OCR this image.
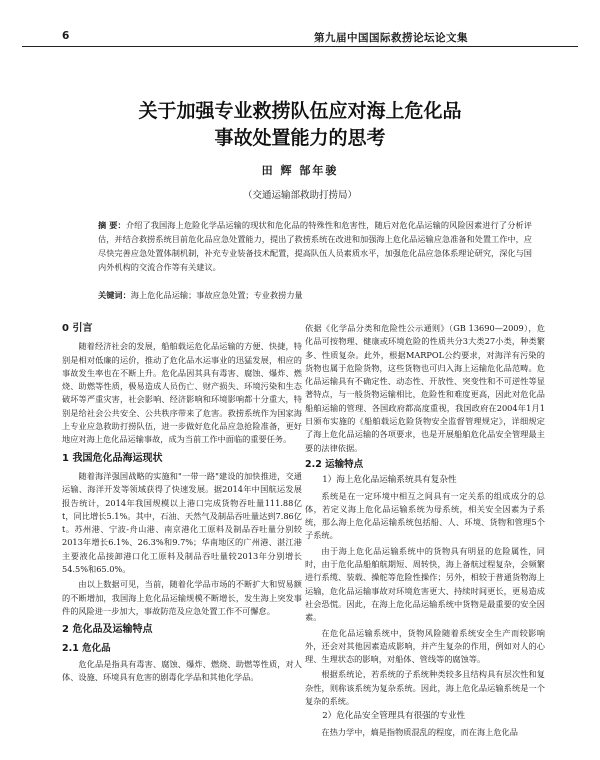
6	第九届中国国际救捞论坛论文集
关于加强专业救捞队伍应对海上危化品
事故处置能力的思考
田 辉 郜年骏
（交通运输部救助打捞局）
摘 要：介绍了我国海上危险化学品运输的现状和危化品的特殊性和危害性，随后对危化品运输的风险因素进行了分析评估，并结合救捞系统目前危化品应急处置能力，提出了救捞系统在改进和加强海上危化品运输应急准备和处置工作中，应尽快完善应急处置体制机制，补充专业装备技术配置，提高队伍人员素质水平，加强危化品应急体系理论研究，深化与国内外机构的交流合作等有关建议。
关键词：海上危化品运输；事故应急处置；专业救捞力量
0 引言

随着经济社会的发展，船舶载运危化品运输的方便、快捷，特别是相对低廉的运价，推动了危化品水运事业的迅猛发展，相应的事故发生率也在不断上升。危化品因其具有毒害、腐蚀、爆炸、燃烧、助燃等性质，极易造成人员伤亡、财产损失、环境污染和生态破坏等严重灾害，社会影响、经济影响和环境影响都十分重大，特别是给社会公共安全、公共秩序带来了危害。救捞系统作为国家海上专业应急救助打捞队伍，进一步做好危化品应急抢险准备，更好地应对海上危化品运输事故，成为当前工作中面临的重要任务。

1 我国危化品海运现状

随着海洋强国战略的实施和"一带一路"建设的加快推进，交通运输、海洋开发等领域获得了快速发展。据2014年中国航运发展报告统计，2014年我国规模以上港口完成货物吞吐量111.88亿t，同比增长5.1%。其中，石油、天然气及制品吞吐量达到7.86亿t。苏州港、宁波-舟山港、南京港化工原料及制品吞吐量分别较2013年增长6.1%、26.3%和9.7%；华南地区的广州港、湛江港主要液化品接卸港口化工原料及制品吞吐量较2013年分别增长54.5%和65.0%。

由以上数据可见，当前，随着化学品市场的不断扩大和贸易额的不断增加，我国海上危化品运输规模不断增长，发生海上突发事件的风险进一步加大，事故防范及应急处置工作不可懈怠。

2 危化品及运输特点
2.1 危化品

危化品是指具有毒害、腐蚀、爆炸、燃烧、助燃等性质，对人体、设施、环境具有危害的剧毒化学品和其他化学品。

依据《化学品分类和危险性公示通则》（GB 13690—2009），危化品可按物理、健康或环境危险的性质共分3大类27小类，种类繁多、性质复杂。此外，根据MARPOL公约要求，对海洋有污染的货物也属于危险货物，这些货物也可归入海上运输危化品范畴。危化品运输具有不确定性、动态性、开放性、突变性和不可逆性等显著特点，与一般货物运输相比，危险性和难度更高，因此对危化品船舶运输的管理、各国政府都高度重视，我国政府在2004年1月1日颁布实施的《船舶载运危险货物安全监督管理规定》，详细规定了海上危化品运输的各项要求，也是开展船舶危化品安全管理最主要的法律依据。

2.2 运输特点
1）海上危化品运输系统具有复杂性

系统是在一定环境中相互之间具有一定关系的组成成分的总体，若定义海上危化品运输系统为母系统，相关安全因素为子系统，那么海上危化品运输系统包括船、人、环境、货物和管理5个子系统。

由于海上危化品运输系统中的货物具有明显的危险属性，同时，由于危化品船舶航期短、周转快，海上备航过程复杂，会频繁进行系缆、装载、操舵等危险性操作；另外，相较于普通货物海上运输，危化品运输事故对环境危害更大、持续时间更长，更易造成社会恐慌。因此，在海上危化品运输系统中货物是最重要的安全因素。

在危化品运输系统中，货物风险随着系统安全生产而较影响外，还会对其他因素造成影响，并产生复杂的作用，例如对人的心理、生理状态的影响，对船体、管线等的腐蚀等。

根据系统论，若系统的子系统种类较多且结构具有层次性和复杂性，则称该系统为复杂系统。因此，海上危化品运输系统是一个复杂的系统。

2）危化品安全管理具有很强的专业性

在热力学中，熵是指物质混乱的程度，而在海上危化品
